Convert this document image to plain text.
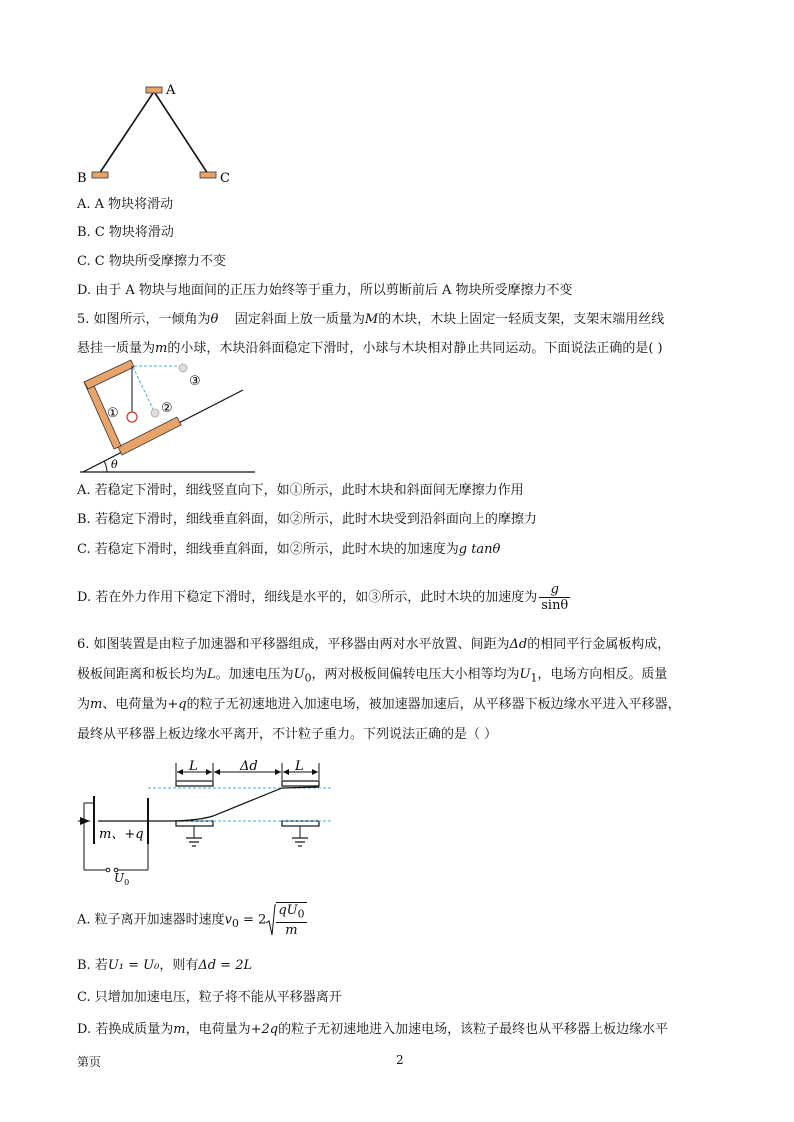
A
B	C
A. A 物块将滑动
B. C 物块将滑动
C. C 物块所受摩擦力不变
D. 由于 A 物块与地面间的正压力始终等于重力，所以剪断前后 A 物块所受摩擦力不变
5. 如图所示，一倾角为θ 固定斜面上放一质量为M的木块，木块上固定一轻质支架，支架末端用丝线
悬挂一质量为m的小球，木块沿斜面稳定下滑时，小球与木块相对静止共同运动。下面说法正确的是( )
θ
①	②
③
A. 若稳定下滑时，细线竖直向下，如①所示，此时木块和斜面间无摩擦力作用
B. 若稳定下滑时，细线垂直斜面，如②所示，此时木块受到沿斜面向上的摩擦力
C. 若稳定下滑时，细线垂直斜面，如②所示，此时木块的加速度为g tanθ
D. 若在外力作用下稳定下滑时，细线是水平的，如③所示，此时木块的加速度为 $\frac{g}{\sin\theta}$
6. 如图装置是由粒子加速器和平移器组成，平移器由两对水平放置、间距为Δd的相同平行金属板构成，
极板间距离和板长均为L。加速电压为$U_0$，两对极板间偏转电压大小相等均为$U_1$，电场方向相反。质量
为m、电荷量为+q的粒子无初速地进入加速电场，被加速器加速后，从平移器下板边缘水平进入平移器，
最终从平移器上板边缘水平离开，不计粒子重力。下列说法正确的是（ ）
L	Δd	L
m、+q
$U_0$
A. 粒子离开加速器时速度$v_0 = 2 \frac{qU_0}{m}$
B. 若U₁ = U₀，则有Δd = 2L
C. 只增加加速电压，粒子将不能从平移器离开
D. 若换成质量为m，电荷量为+2q的粒子无初速地进入加速电场，该粒子最终也从平移器上板边缘水平
第页	2
